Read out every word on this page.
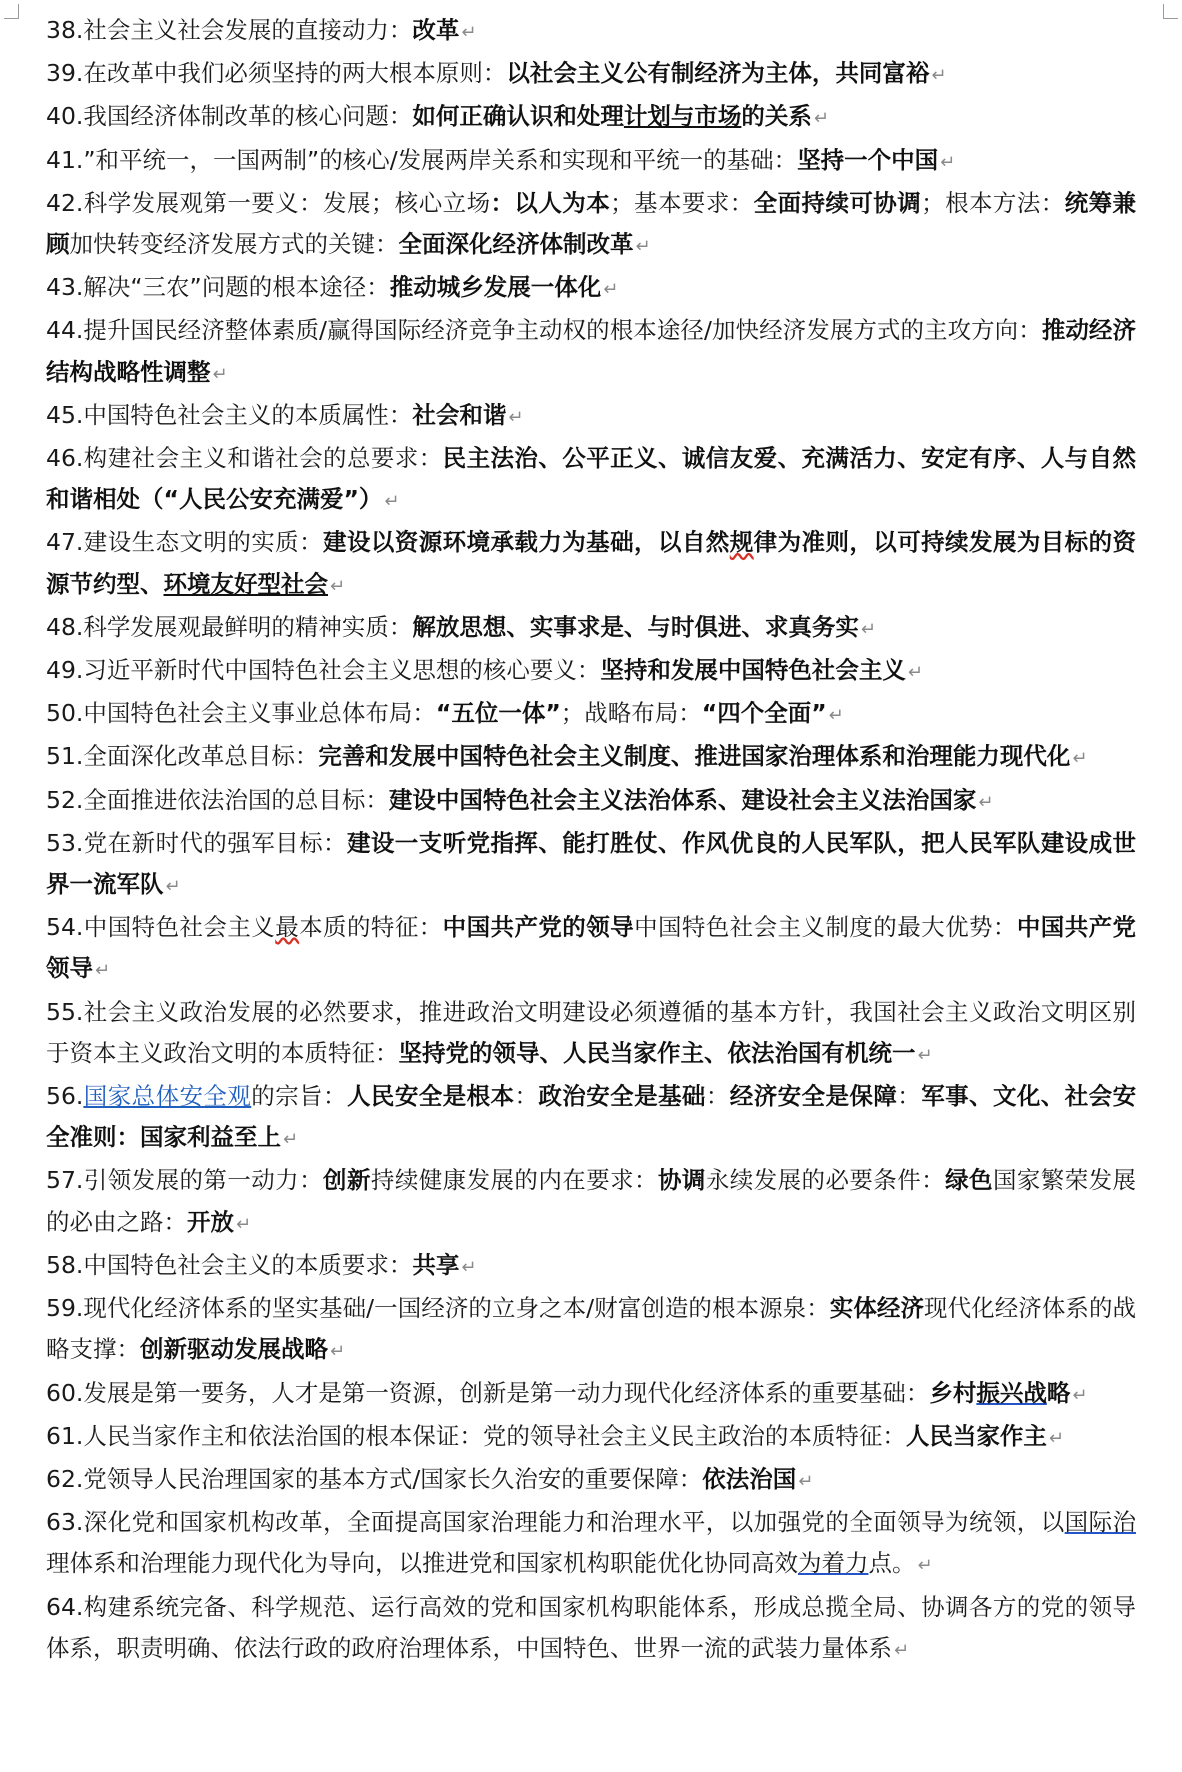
38.社会主义社会发展的直接动力：改革 ↵

39.在改革中我们必须坚持的两大根本原则：以社会主义公有制经济为主体，共同富裕 ↵

40.我国经济体制改革的核心问题：如何正确认识和处理计划与市场的关系 ↵

41.”和平统一，一国两制”的核心/发展两岸关系和实现和平统一的基础：坚持一个中国 ↵

42.科学发展观第一要义：发展；核心立场：以人为本；基本要求：全面持续可协调；根本方法：统筹兼顾加快转变经济发展方式的关键：全面深化经济体制改革 ↵

43.解决“三农”问题的根本途径：推动城乡发展一体化 ↵

44.提升国民经济整体素质/赢得国际经济竞争主动权的根本途径/加快经济发展方式的主攻方向：推动经济结构战略性调整 ↵

45.中国特色社会主义的本质属性：社会和谐 ↵

46.构建社会主义和谐社会的总要求：民主法治、公平正义、诚信友爱、充满活力、安定有序、人与自然和谐相处（“人民公安充满爱”） ↵

47.建设生态文明的实质：建设以资源环境承载力为基础，以自然规律为准则，以可持续发展为目标的资源节约型、环境友好型社会 ↵

48.科学发展观最鲜明的精神实质：解放思想、实事求是、与时俱进、求真务实 ↵

49.习近平新时代中国特色社会主义思想的核心要义：坚持和发展中国特色社会主义 ↵

50.中国特色社会主义事业总体布局：“五位一体”；战略布局：“四个全面” ↵

51.全面深化改革总目标：完善和发展中国特色社会主义制度、推进国家治理体系和治理能力现代化 ↵

52.全面推进依法治国的总目标：建设中国特色社会主义法治体系、建设社会主义法治国家 ↵

53.党在新时代的强军目标：建设一支听党指挥、能打胜仗、作风优良的人民军队，把人民军队建设成世界一流军队 ↵

54.中国特色社会主义最本质的特征：中国共产党的领导中国特色社会主义制度的最大优势：中国共产党领导 ↵

55.社会主义政治发展的必然要求，推进政治文明建设必须遵循的基本方针，我国社会主义政治文明区别于资本主义政治文明的本质特征：坚持党的领导、人民当家作主、依法治国有机统一 ↵

56.国家总体安全观的宗旨：人民安全是根本：政治安全是基础：经济安全是保障：军事、文化、社会安全准则：国家利益至上 ↵

57.引领发展的第一动力：创新持续健康发展的内在要求：协调永续发展的必要条件：绿色国家繁荣发展的必由之路：开放 ↵

58.中国特色社会主义的本质要求：共享 ↵

59.现代化经济体系的坚实基础/一国经济的立身之本/财富创造的根本源泉：实体经济现代化经济体系的战略支撑：创新驱动发展战略 ↵

60.发展是第一要务，人才是第一资源，创新是第一动力现代化经济体系的重要基础：乡村振兴战略 ↵

61.人民当家作主和依法治国的根本保证：党的领导社会主义民主政治的本质特征：人民当家作主 ↵

62.党领导人民治理国家的基本方式/国家长久治安的重要保障：依法治国 ↵

63.深化党和国家机构改革，全面提高国家治理能力和治理水平，以加强党的全面领导为统领，以国际治理体系和治理能力现代化为导向，以推进党和国家机构职能优化协同高效为着力点。 ↵

64.构建系统完备、科学规范、运行高效的党和国家机构职能体系，形成总揽全局、协调各方的党的领导体系，职责明确、依法行政的政府治理体系，中国特色、世界一流的武装力量体系 ↵
